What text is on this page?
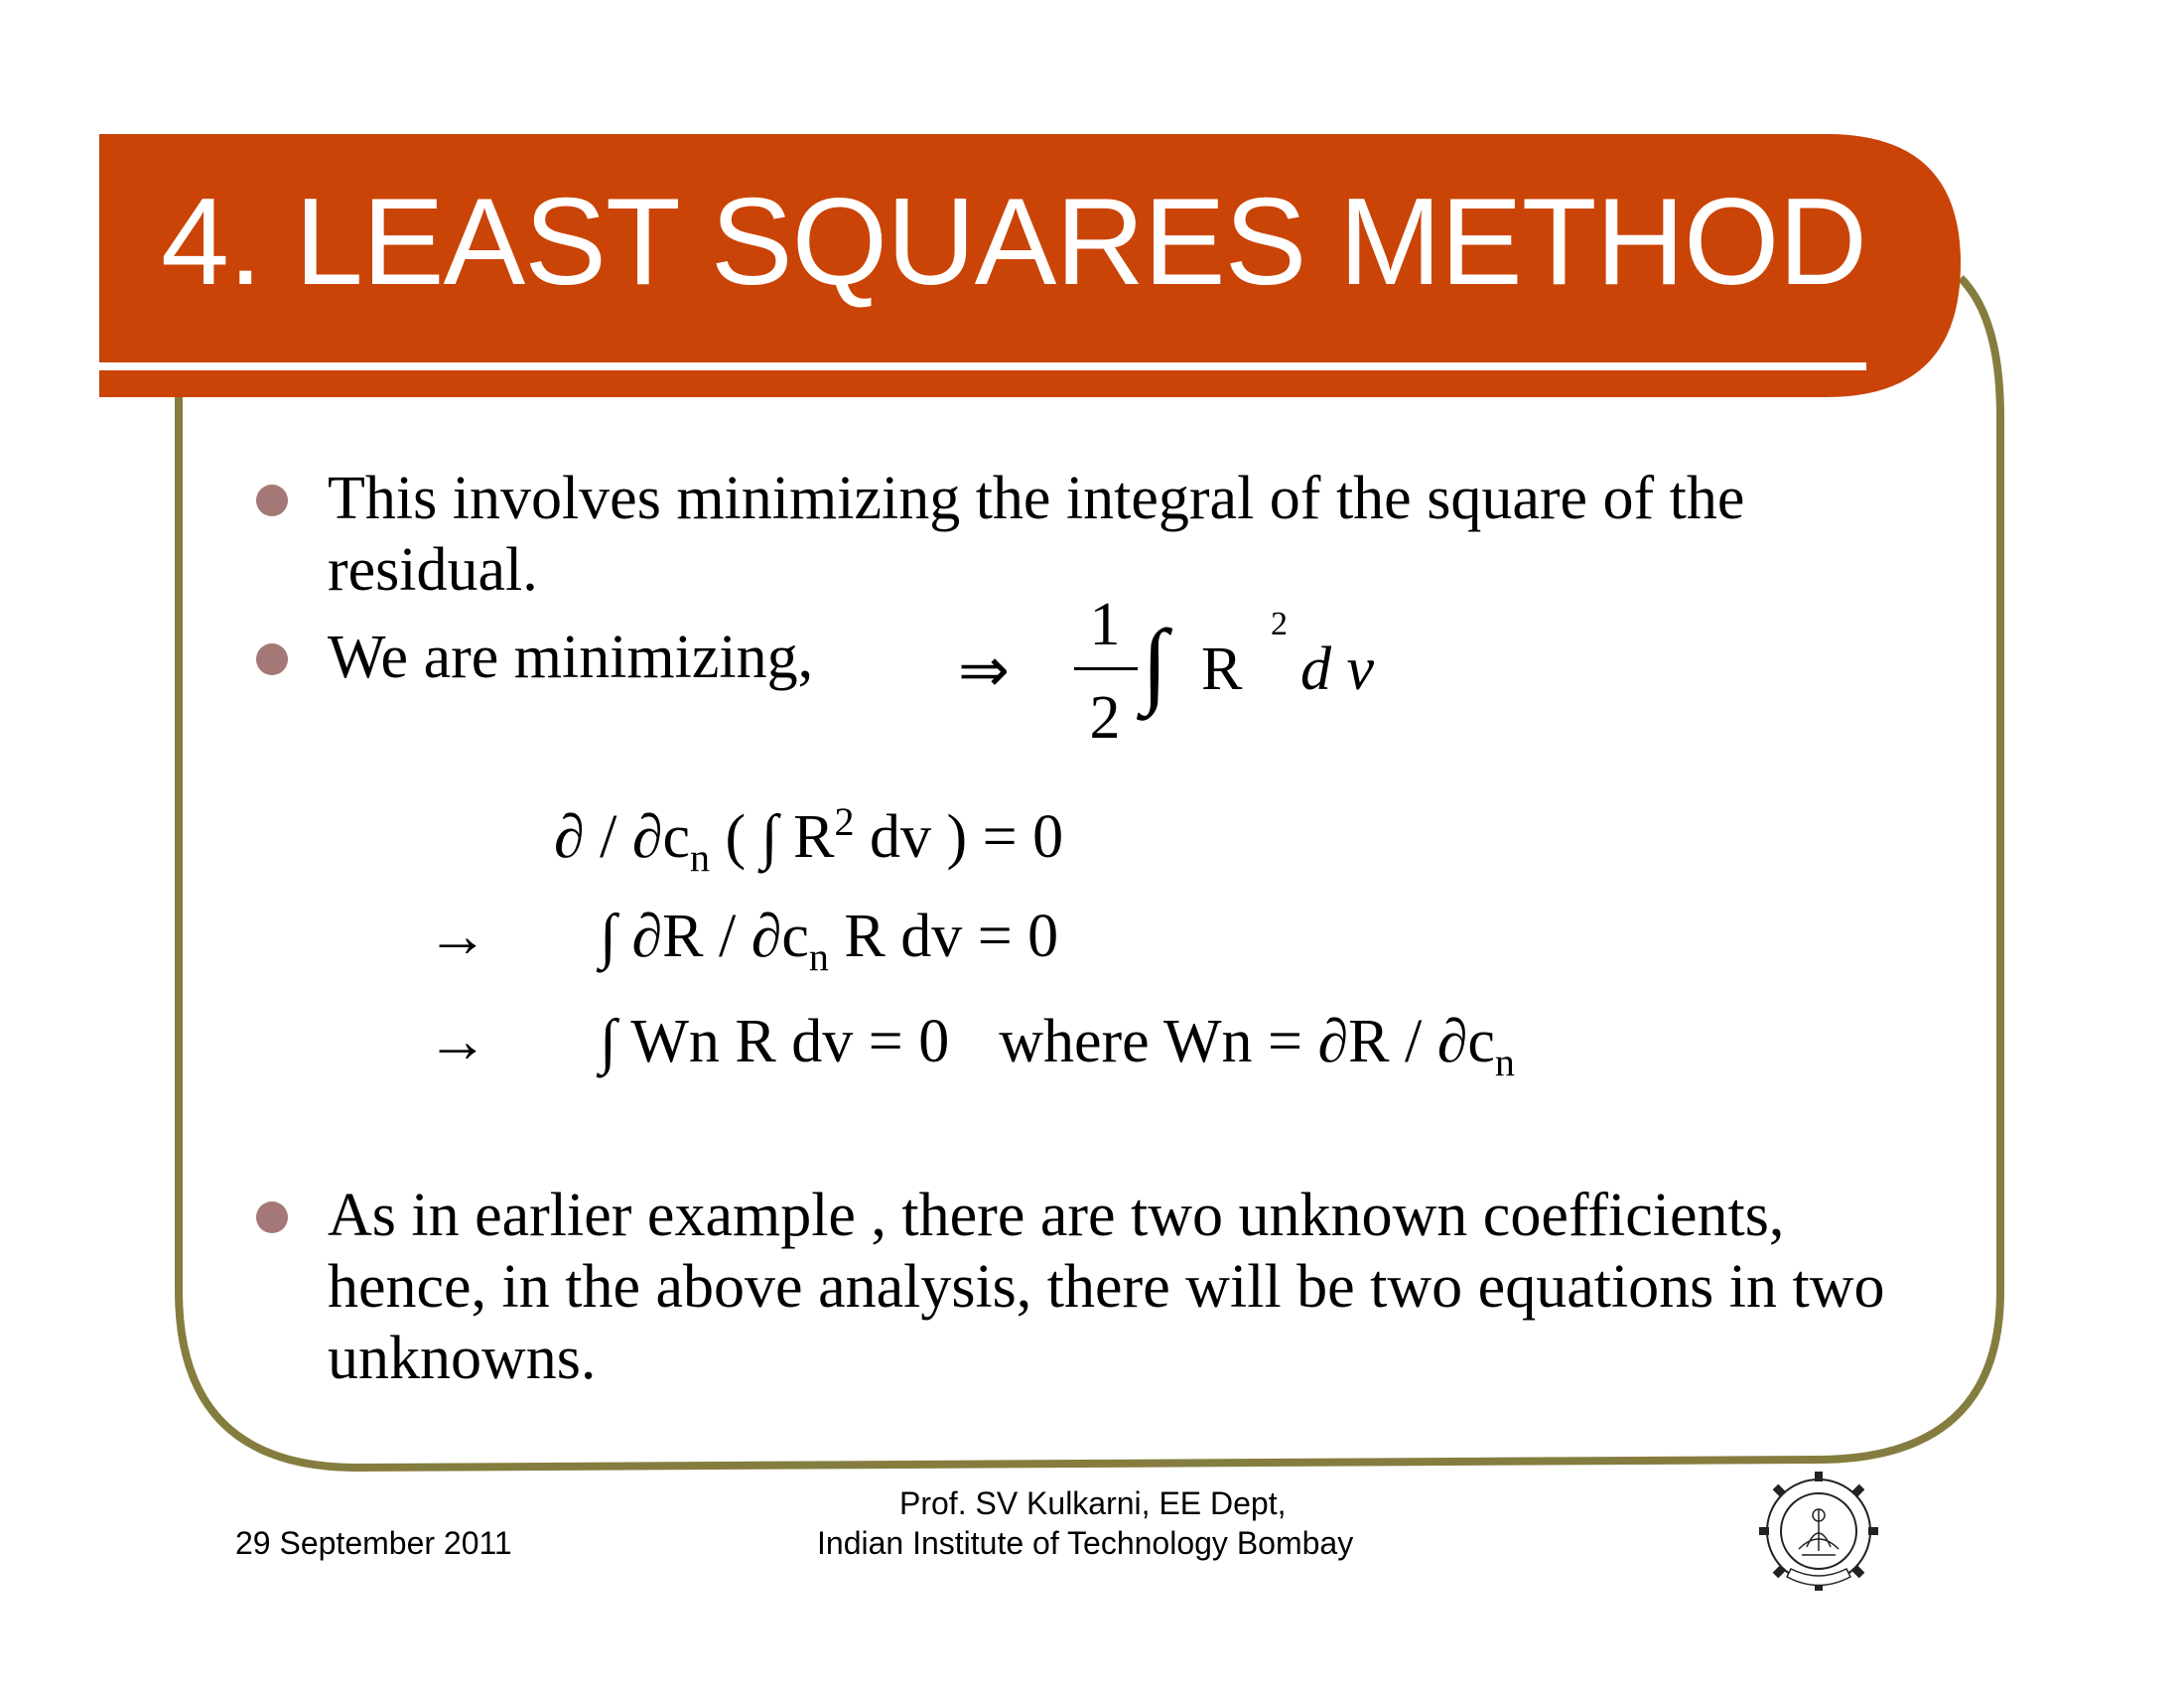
4. LEAST SQUARES METHOD
This involves minimizing the integral of the square of the residual.
We are minimizing,	⇒
1
2
∫ R
2
d v
∂ / $\partial c_n$ ( ∫ $R^2$ dv ) = 0
→ ∫ $\partial R / \partial c_n$ R dv = 0
→ ∫ Wn R dv = 0 where $Wn = \partial R / \partial c_n$
As in earlier example , there are two unknown coefficients, hence, in the above analysis, there will be two equations in two unknowns.
29 September 2011
Prof. SV Kulkarni, EE Dept,
Indian Institute of Technology Bombay
